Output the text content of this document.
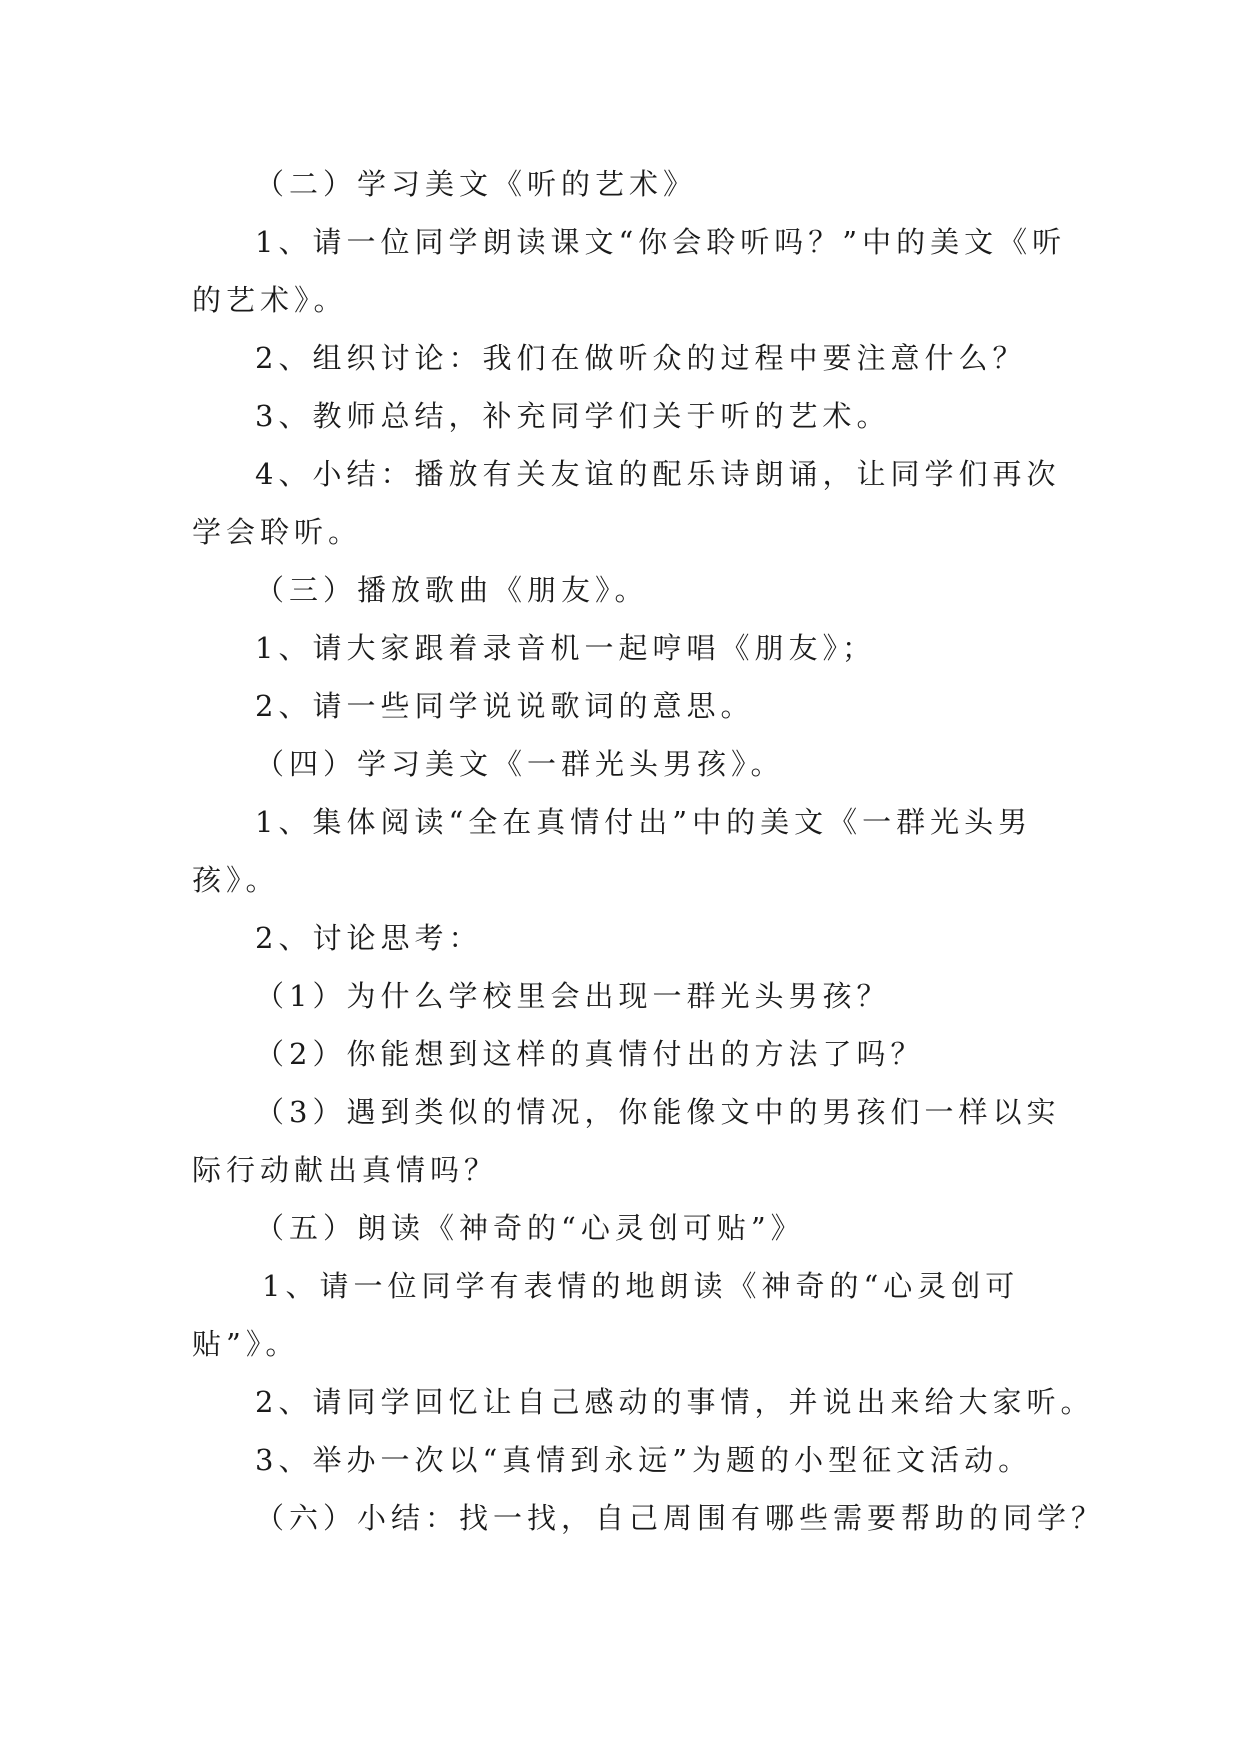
（二）学习美文《听的艺术》
1、请一位同学朗读课文“你会聆听吗？”中的美文《听
的艺术》。
2、组织讨论：我们在做听众的过程中要注意什么？
3、教师总结，补充同学们关于听的艺术。
4、小结：播放有关友谊的配乐诗朗诵，让同学们再次
学会聆听。
（三）播放歌曲《朋友》。
1、请大家跟着录音机一起哼唱《朋友》；
2、请一些同学说说歌词的意思。
（四）学习美文《一群光头男孩》。
1、集体阅读“全在真情付出”中的美文《一群光头男
孩》。
2、讨论思考：
（1）为什么学校里会出现一群光头男孩？
（2）你能想到这样的真情付出的方法了吗？
（3）遇到类似的情况，你能像文中的男孩们一样以实
际行动献出真情吗？
（五）朗读《神奇的“心灵创可贴”》
1、请一位同学有表情的地朗读《神奇的“心灵创可
贴”》。
2、请同学回忆让自己感动的事情，并说出来给大家听。
3、举办一次以“真情到永远”为题的小型征文活动。
（六）小结：找一找，自己周围有哪些需要帮助的同学？
